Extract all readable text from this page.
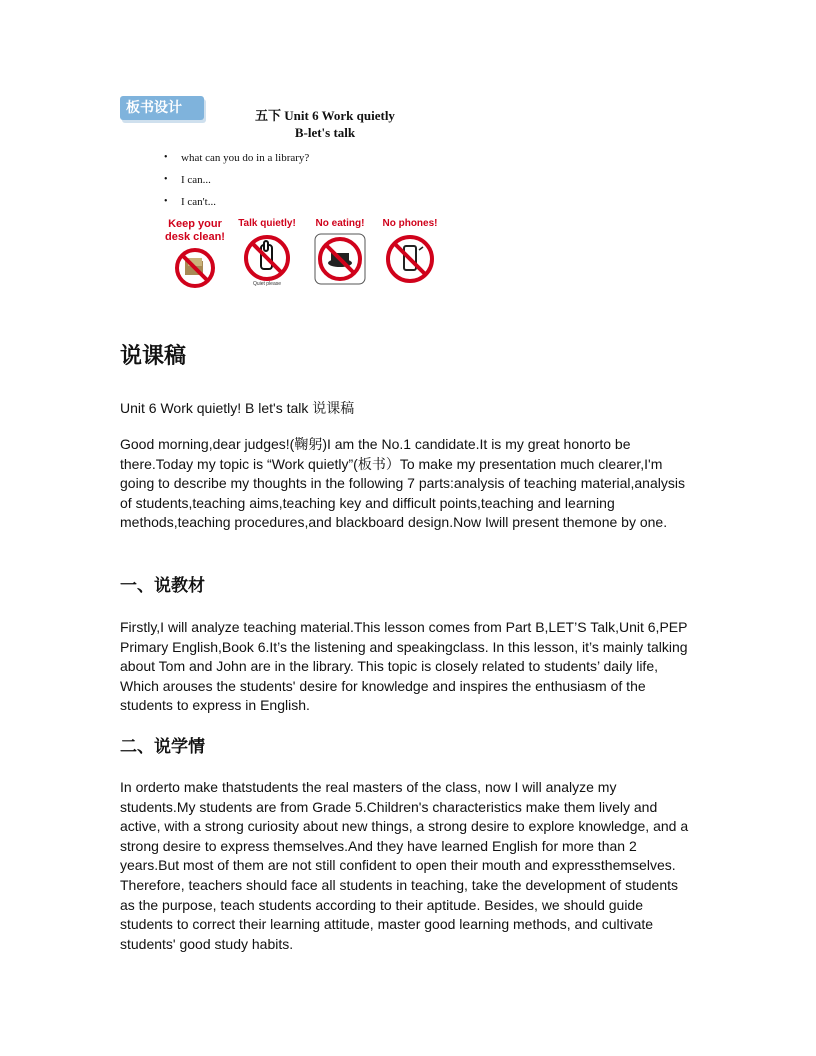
板书设计	五下 Unit 6 Work quietly
B-let's talk
• what can you do in a library?
• I can...
• I can't...
Keep your desk clean!
Talk quietly!
Quiet please
No eating!	No phones!
说课稿

Unit 6 Work quietly! B let's talk 说课稿

Good morning,dear judges!(鞠躬)I am the No.1 candidate.It is my great honorto be there.Today my topic is “Work quietly”(板书）To make my presentation much clearer,I'm going to describe my thoughts in the following 7 parts:analysis of teaching material,analysis of students,teaching aims,teaching key and difficult points,teaching and learning methods,teaching procedures,and blackboard design.Now Iwill present themone by one.

一、说教材

Firstly,I will analyze teaching material.This lesson comes from Part B,LET’S Talk,Unit 6,PEP Primary English,Book 6.It’s the listening and speakingclass. In this lesson, it’s mainly talking about Tom and John are in the library. This topic is closely related to students’ daily life, Which arouses the students' desire for knowledge and inspires the enthusiasm of the students to express in English.

二、说学情

In orderto make thatstudents the real masters of the class, now I will analyze my students.My students are from Grade 5.Children's characteristics make them lively and active, with a strong curiosity about new things, a strong desire to explore knowledge, and a strong desire to express themselves.And they have learned English for more than 2 years.But most of them are not still confident to open their mouth and expressthemselves. Therefore, teachers should face all students in teaching, take the development of students as the purpose, teach students according to their aptitude. Besides, we should guide students to correct their learning attitude, master good learning methods, and cultivate students' good study habits.
